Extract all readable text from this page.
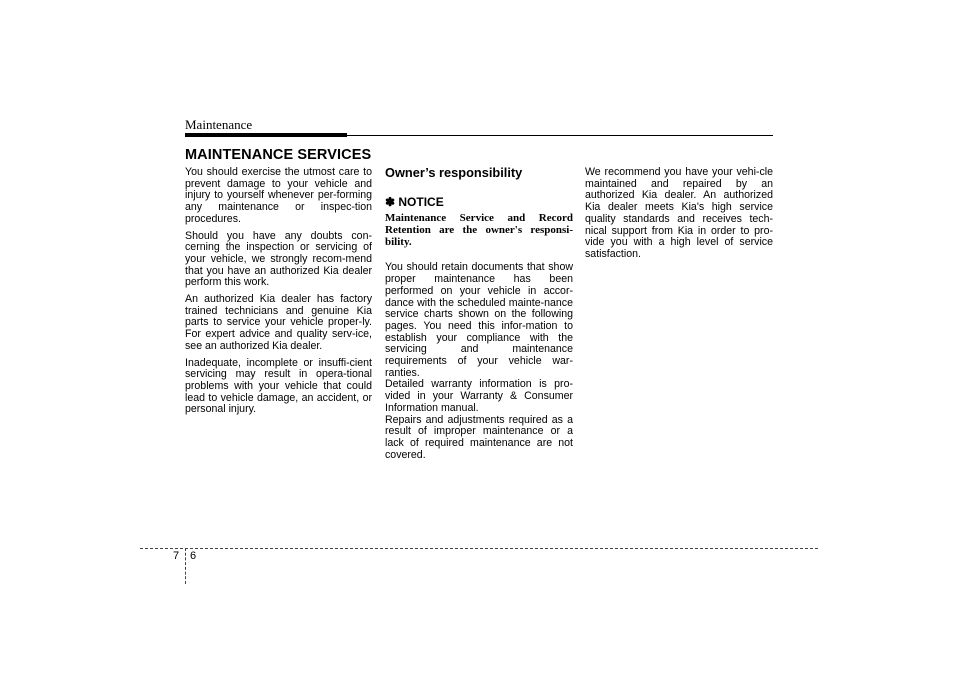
Maintenance
MAINTENANCE SERVICES

You should exercise the utmost care to prevent damage to your vehicle and injury to yourself whenever per-forming any maintenance or inspec-tion procedures.

Should you have any doubts con-cerning the inspection or servicing of your vehicle, we strongly recom-mend that you have an authorized Kia dealer perform this work.

An authorized Kia dealer has factory trained technicians and genuine Kia parts to service your vehicle proper-ly. For expert advice and quality serv-ice, see an authorized Kia dealer.

Inadequate, incomplete or insuffi-cient servicing may result in opera-tional problems with your vehicle that could lead to vehicle damage, an accident, or personal injury.

Owner’s responsibility
✽ NOTICE
Maintenance Service and Record Retention are the owner's responsi-bility.

You should retain documents that show proper maintenance has been performed on your vehicle in accor-dance with the scheduled mainte-nance service charts shown on the following pages. You need this infor-mation to establish your compliance with the servicing and maintenance requirements of your vehicle war-ranties.

Detailed warranty information is pro-vided in your Warranty & Consumer Information manual.

Repairs and adjustments required as a result of improper maintenance or a lack of required maintenance are not covered.

We recommend you have your vehi-cle maintained and repaired by an authorized Kia dealer. An authorized Kia dealer meets Kia's high service quality standards and receives tech-nical support from Kia in order to pro-vide you with a high level of service satisfaction.

7 6
